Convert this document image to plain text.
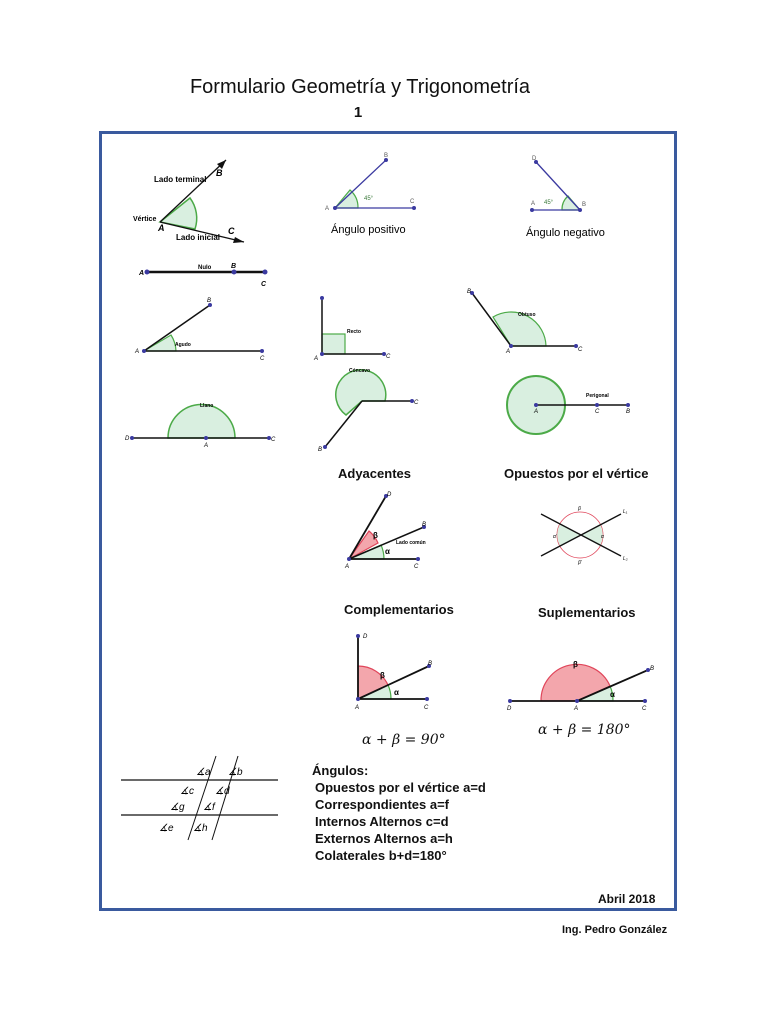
Formulario Geometría y Trigonometría
1
Lado terminal
Lado inicial
Vértice
A
B
C
45°
A
B
C
Ángulo positivo
45°
A	B
D
Ángulo negativo
Nulo
A
B
C
Agudo
A
B
C
Recto
A	C
Obtuso
A
B
C
Llano
D
A
C
Cóncavo
B
C
Perigonal
A	C	B
Adyacentes	Opuestos por el vértice
β
α
Lado común
A
B
C
D
L₁
L₂
β
β'
α'	α
Complementarios	Suplementarios
β
α
A
B
C
D
α + β = 90°
β
α
D	A	C
B
α + β = 180°
∡a ∡b
∡c ∡d
∡g ∡f
∡e ∡h
Ángulos:
Opuestos por el vértice a=d
Correspondientes a=f
Internos Alternos c=d
Externos Alternos a=h
Colaterales b+d=180°
Abril 2018
Ing. Pedro González
